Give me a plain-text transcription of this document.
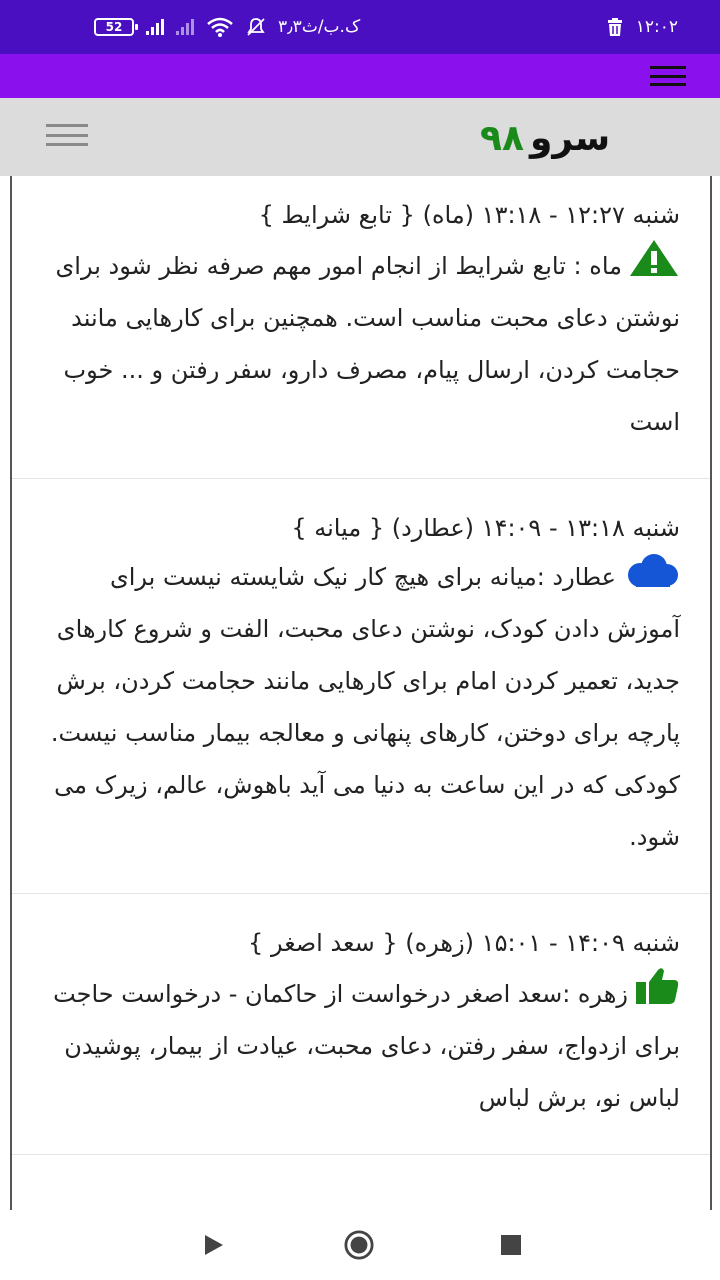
52	۳٫۳ک.ب/ث	۱۲:۰۲
۹۸ سرو
شنبه ۱۲:۲۷ - ۱۳:۱۸ (ماه) { تابع شرایط }
ماه : تابع شرایط از انجام امور مهم صرفه نظر شود برای نوشتن دعای محبت مناسب است. همچنین برای کارهایی مانند حجامت کردن، ارسال پیام، مصرف دارو، سفر رفتن و ... خوب است
شنبه ۱۳:۱۸ - ۱۴:۰۹ (عطارد) { میانه }
عطارد :میانه برای هیچ کار نیک شایسته نیست برای آموزش دادن کودک، نوشتن دعای محبت، الفت و شروع کارهای جدید، تعمیر کردن امام برای کارهایی مانند حجامت کردن، برش پارچه برای دوختن، کارهای پنهانی و معالجه بیمار مناسب نیست. کودکی که در این ساعت به دنیا می آید باهوش، عالم، زیرک می شود.
شنبه ۱۴:۰۹ - ۱۵:۰۱ (زهره) { سعد اصغر }
زهره :سعد اصغر درخواست از حاکمان - درخواست حاجت برای ازدواج، سفر رفتن، دعای محبت، عیادت از بیمار، پوشیدن لباس نو، برش لباس
